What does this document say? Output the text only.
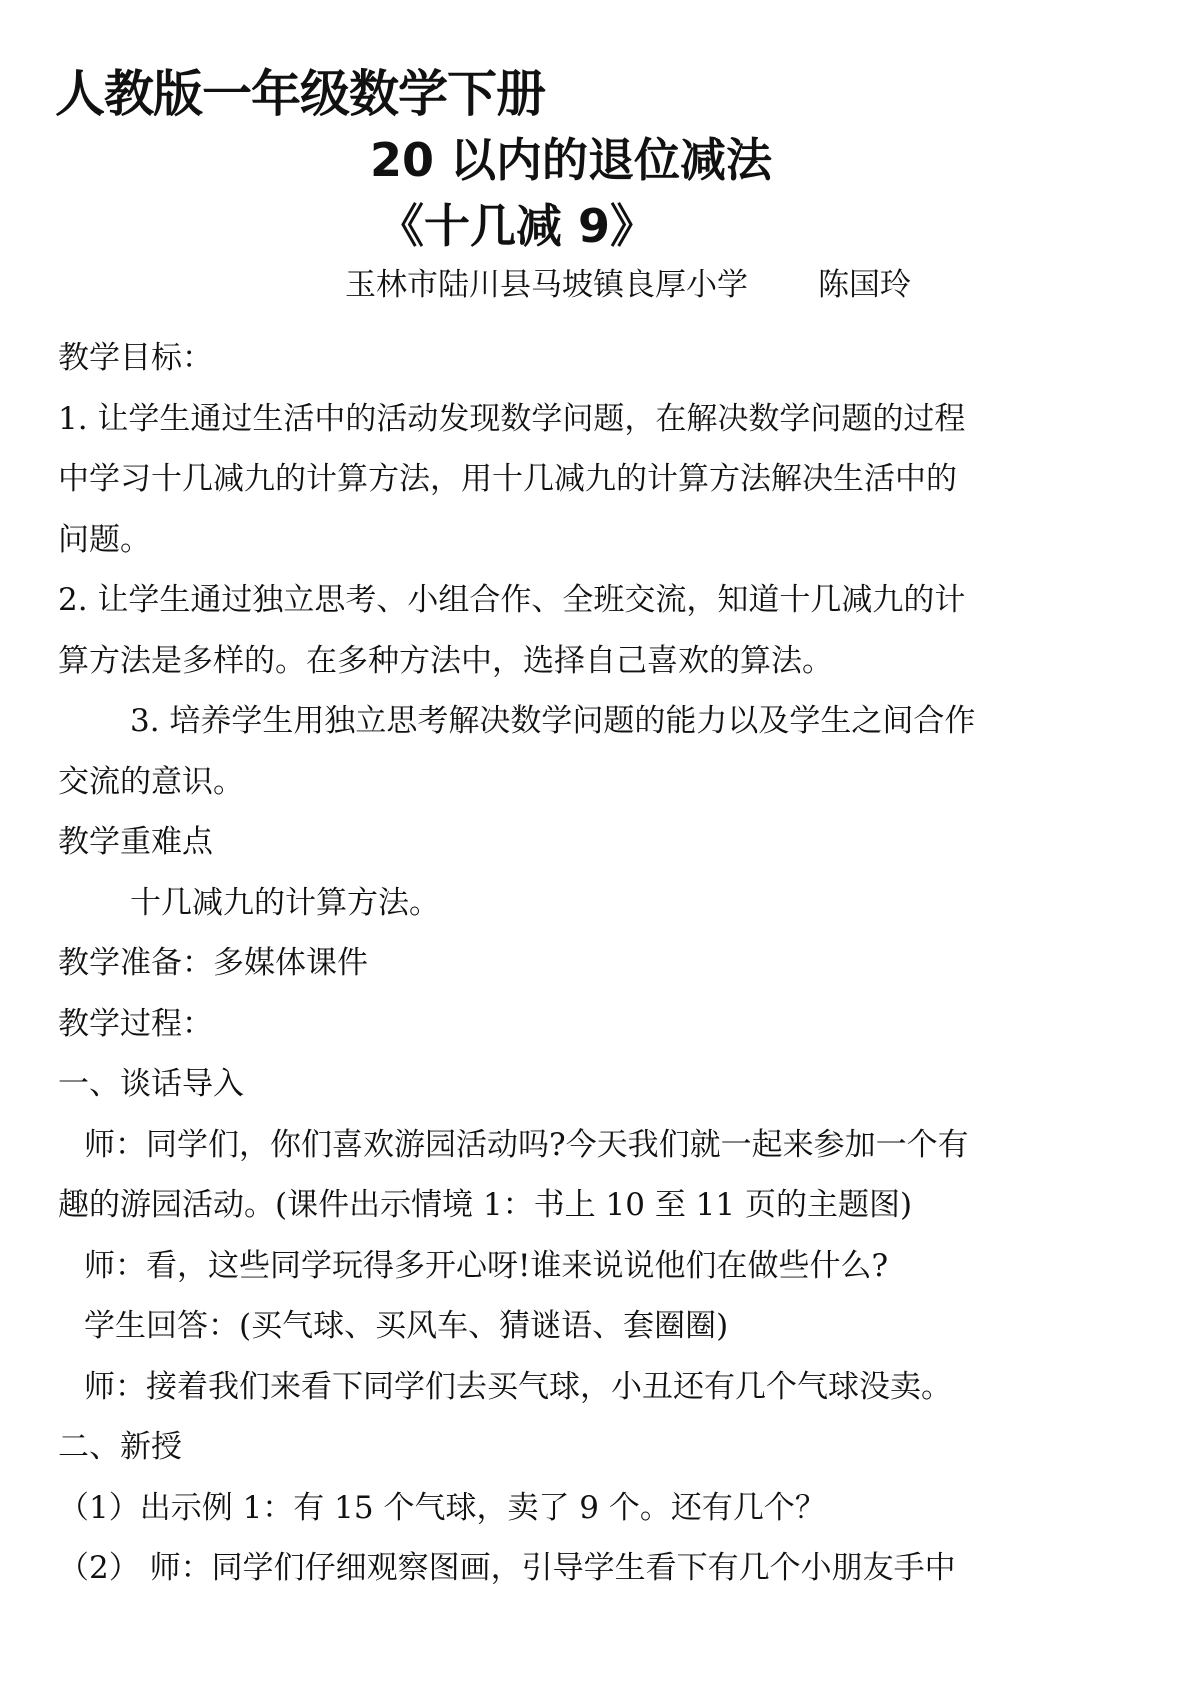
人教版一年级数学下册
20 以内的退位减法
《十几减 9》
玉林市陆川县马坡镇良厚小学 陈国玲
教学目标：
1. 让学生通过生活中的活动发现数学问题，在解决数学问题的过程
中学习十几减九的计算方法，用十几减九的计算方法解决生活中的
问题。
2. 让学生通过独立思考、小组合作、全班交流，知道十几减九的计
算方法是多样的。在多种方法中，选择自己喜欢的算法。
3. 培养学生用独立思考解决数学问题的能力以及学生之间合作
交流的意识。
教学重难点
十几减九的计算方法。
教学准备：多媒体课件
教学过程：
一、谈话导入
师：同学们，你们喜欢游园活动吗?今天我们就一起来参加一个有
趣的游园活动。(课件出示情境 1：书上 10 至 11 页的主题图)
师：看，这些同学玩得多开心呀!谁来说说他们在做些什么?
学生回答：(买气球、买风车、猜谜语、套圈圈)
师：接着我们来看下同学们去买气球，小丑还有几个气球没卖。
二、新授
（1）出示例 1：有 15 个气球，卖了 9 个。还有几个？
（2） 师：同学们仔细观察图画，引导学生看下有几个小朋友手中
